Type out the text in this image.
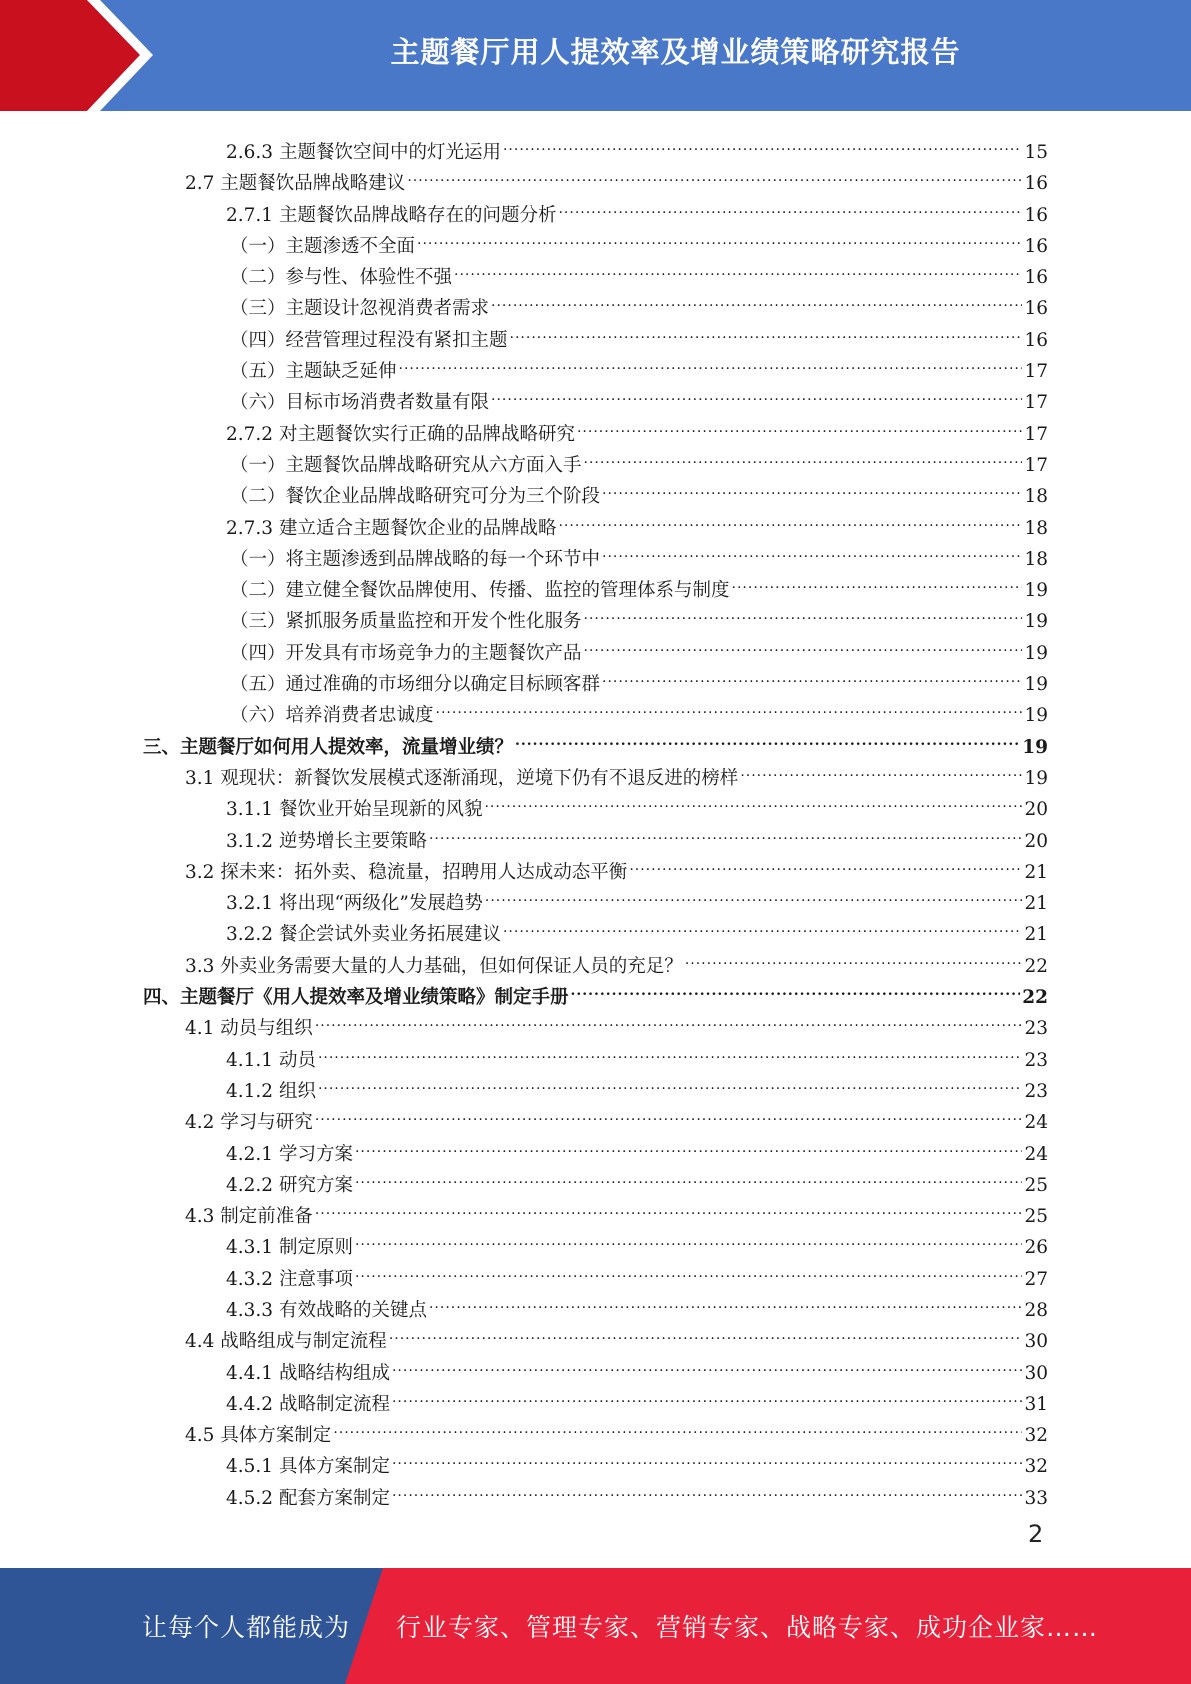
主题餐厅用人提效率及增业绩策略研究报告
2.6.3 主题餐饮空间中的灯光运用 .....	15
2.7 主题餐饮品牌战略建议 .....	16
2.7.1 主题餐饮品牌战略存在的问题分析 .....	16
（一）主题渗透不全面 .....	16
（二）参与性、体验性不强 .....	16
（三）主题设计忽视消费者需求 .....	16
（四）经营管理过程没有紧扣主题 .....	16
（五）主题缺乏延伸 .....	17
（六）目标市场消费者数量有限 .....	17
2.7.2 对主题餐饮实行正确的品牌战略研究 .....	17
（一）主题餐饮品牌战略研究从六方面入手 .....	17
（二）餐饮企业品牌战略研究可分为三个阶段 .....	18
2.7.3 建立适合主题餐饮企业的品牌战略 .....	18
（一）将主题渗透到品牌战略的每一个环节中 .....	18
（二）建立健全餐饮品牌使用、传播、监控的管理体系与制度 .....	19
（三）紧抓服务质量监控和开发个性化服务 .....	19
（四）开发具有市场竞争力的主题餐饮产品 .....	19
（五）通过准确的市场细分以确定目标顾客群 .....	19
（六）培养消费者忠诚度 .....	19
三、主题餐厅如何用人提效率，流量增业绩？ .....	19
3.1 观现状：新餐饮发展模式逐渐涌现，逆境下仍有不退反进的榜样 .....	19
3.1.1 餐饮业开始呈现新的风貌 .....	20
3.1.2 逆势增长主要策略 .....	20
3.2 探未来：拓外卖、稳流量，招聘用人达成动态平衡 .....	21
3.2.1 将出现“两级化”发展趋势 .....	21
3.2.2 餐企尝试外卖业务拓展建议 .....	21
3.3 外卖业务需要大量的人力基础，但如何保证人员的充足？ .....	22
四、主题餐厅《用人提效率及增业绩策略》制定手册 .....	22
4.1 动员与组织 .....	23
4.1.1 动员 .....	23
4.1.2 组织 .....	23
4.2 学习与研究 .....	24
4.2.1 学习方案 .....	24
4.2.2 研究方案 .....	25
4.3 制定前准备 .....	25
4.3.1 制定原则 .....	26
4.3.2 注意事项 .....	27
4.3.3 有效战略的关键点 .....	28
4.4 战略组成与制定流程 .....	30
4.4.1 战略结构组成 .....	30
4.4.2 战略制定流程 .....	31
4.5 具体方案制定 .....	32
4.5.1 具体方案制定 .....	32
4.5.2 配套方案制定 .....	33
2
让每个人都能成为 行业专家、管理专家、营销专家、战略专家、成功企业家……
